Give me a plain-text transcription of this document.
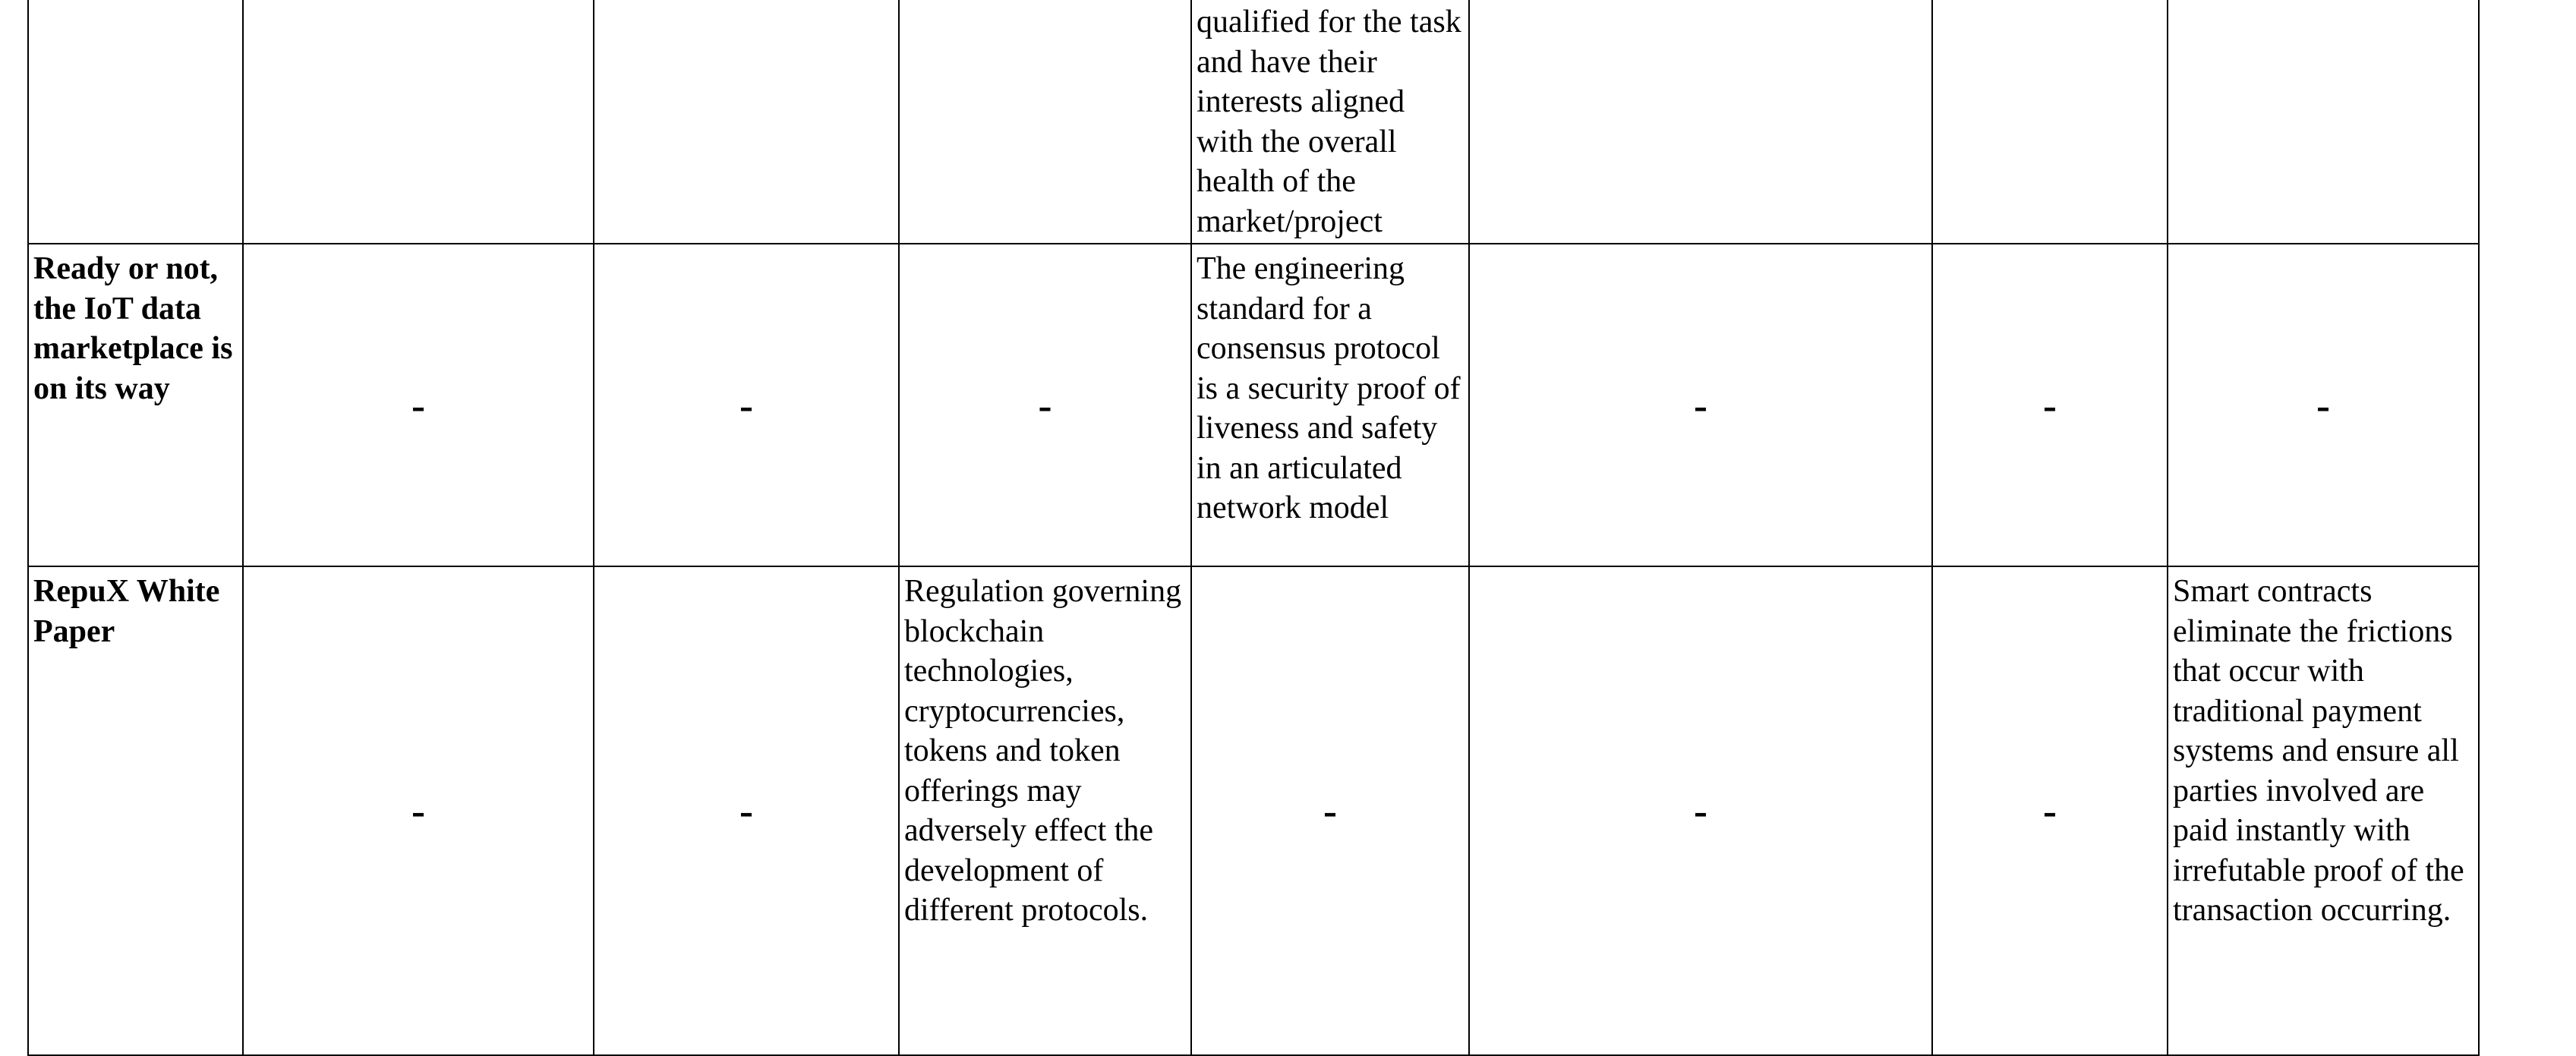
				qualified for the task and have their interests aligned with the overall health of the market/project			
Ready or not, the IoT data marketplace is on its way	-	-	-	The engineering standard for a consensus protocol is a security proof of liveness and safety in an articulated network model	-	-	-
RepuX White Paper	-	-	Regulation governing blockchain technologies, cryptocurrencies, tokens and token offerings may adversely effect the development of different protocols.	-	-	-	Smart contracts eliminate the frictions that occur with traditional payment systems and ensure all parties involved are paid instantly with irrefutable proof of the transaction occurring.
